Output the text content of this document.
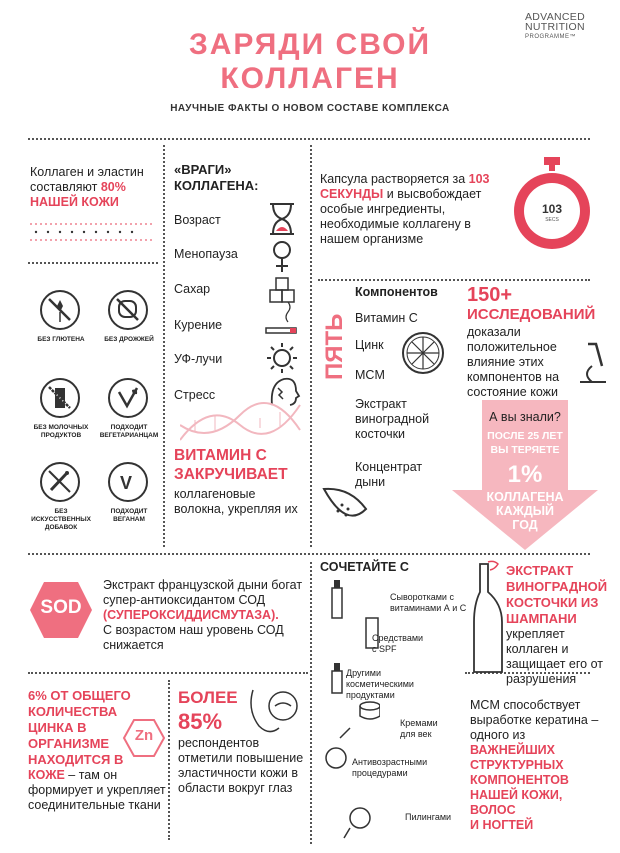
ЗАРЯДИ СВОЙ
КОЛЛАГЕН
НАУЧНЫЕ ФАКТЫ О НОВОМ СОСТАВЕ КОМПЛЕКСА
ADVANCED
NUTRITION
PROGRAMME™
Коллаген и эластин
составляют 80%
НАШЕЙ КОЖИ
БЕЗ ГЛЮТЕНА	БЕЗ ДРОЖЖЕЙ
БЕЗ МОЛОЧНЫХ ПРОДУКТОВ
ПОДХОДИТ ВЕГЕТАРИАНЦАМ
V
БЕЗ ИСКУССТВЕННЫХ ДОБАВОК
ПОДХОДИТ ВЕГАНАМ
«ВРАГИ»
КОЛЛАГЕНА:
Возраст
Менопауза
Сахар
Курение
УФ-лучи
Стресс
ВИТАМИН С
ЗАКРУЧИВАЕТ
коллагеновые
волокна, укрепляя их
Капсула растворяется за 103
СЕКУНДЫ и высвобождает
особые ингредиенты,
необходимые коллагену в
нашем организме
103
SECS
ПЯТЬ
Компонентов
Витамин С
Цинк
MCM
Экстракт
виноградной
косточки
Концентрат
дыни
150+
ИССЛЕДОВАНИЙ
доказали
положительное
влияние этих
компонентов на
состояние кожи
А вы знали?
ПОСЛЕ 25 ЛЕТ
ВЫ ТЕРЯЕТЕ
1%
КОЛЛАГЕНА
КАЖДЫЙ
ГОД
SOD
Экстракт французской дыни богат
супер-антиоксидантом СОД
(СУПЕРОКСИДДИСМУТАЗА).
С возрастом наш уровень СОД
снижается
СОЧЕТАЙТЕ С
Сыворотками с
витаминами А и С
Средствами
с SPF
Другими
косметическими
продуктами
Кремами
для век
Антивозрастными
процедурами
Пилингами
ЭКСТРАКТ
ВИНОГРАДНОЙ
КОСТОЧКИ ИЗ
ШАМПАНИ
укрепляет
коллаген и
защищает его от
разрушения
6% ОТ ОБЩЕГО
КОЛИЧЕСТВА
ЦИНКА В
ОРГАНИЗМЕ
НАХОДИТСЯ В
КОЖЕ – там он
формирует и укрепляет
соединительные ткани
Zn
БОЛЕЕ
85%
респондентов
отметили повышение
эластичности кожи в
области вокруг глаз
MCM способствует
выработке кератина –
одного из ВАЖНЕЙШИХ
СТРУКТУРНЫХ
КОМПОНЕНТОВ
НАШЕЙ КОЖИ, ВОЛОС
И НОГТЕЙ
